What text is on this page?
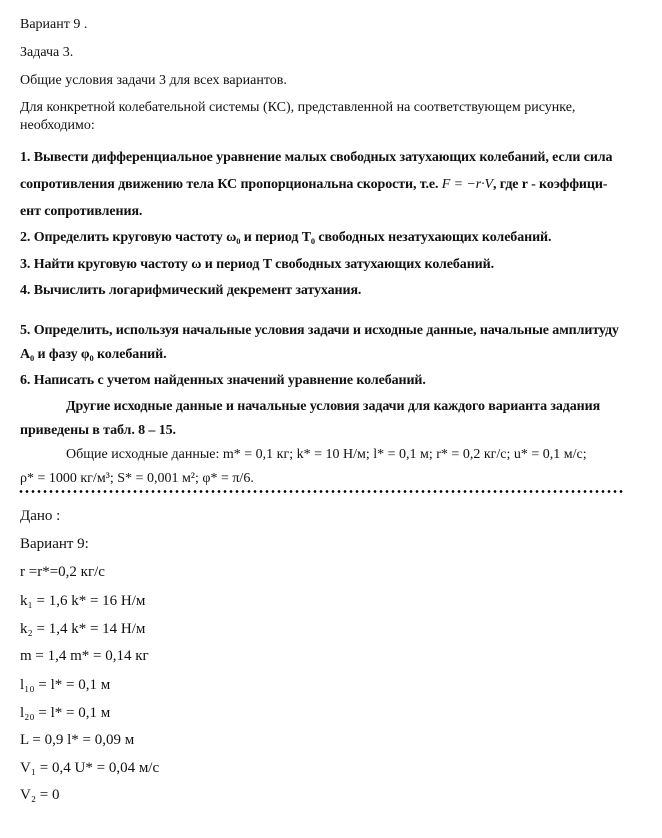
Вариант 9 .
Задача 3.
Общие условия задачи 3 для всех вариантов.
Для конкретной колебательной системы (КС), представленной на соответствующем рисунке,
необходимо:
1. Вывести дифференциальное уравнение малых свободных затухающих колебаний, если сила
сопротивления движению тела КС пропорциональна скорости, т.е. F = −r·V, где r - коэффици-
ент сопротивления.
2. Определить круговую частоту ω₀ и период T₀ свободных незатухающих колебаний.
3. Найти круговую частоту ω и период T свободных затухающих колебаний.
4. Вычислить логарифмический декремент затухания.
5. Определить, используя начальные условия задачи и исходные данные, начальные амплитуду
A₀ и фазу φ₀ колебаний.
6. Написать с учетом найденных значений уравнение колебаний.
Другие исходные данные и начальные условия задачи для каждого варианта задания
приведены в табл. 8 – 15.
Общие исходные данные: m* = 0,1 кг; k* = 10 Н/м; l* = 0,1 м; r* = 0,2 кг/с; u* = 0,1 м/с;
ρ* = 1000 кг/м³; S* = 0,001 м²; φ* = π/6.
Дано :
Вариант 9:
r =r*=0,2 кг/с
k₁ = 1,6 k* = 16 Н/м
k₂ = 1,4 k* = 14 Н/м
m = 1,4 m* = 0,14 кг
l₁₀ = l* = 0,1 м
l₂₀ = l* = 0,1 м
L = 0,9 l* = 0,09 м
V₁ = 0,4 U* = 0,04 м/с
V₂ = 0
